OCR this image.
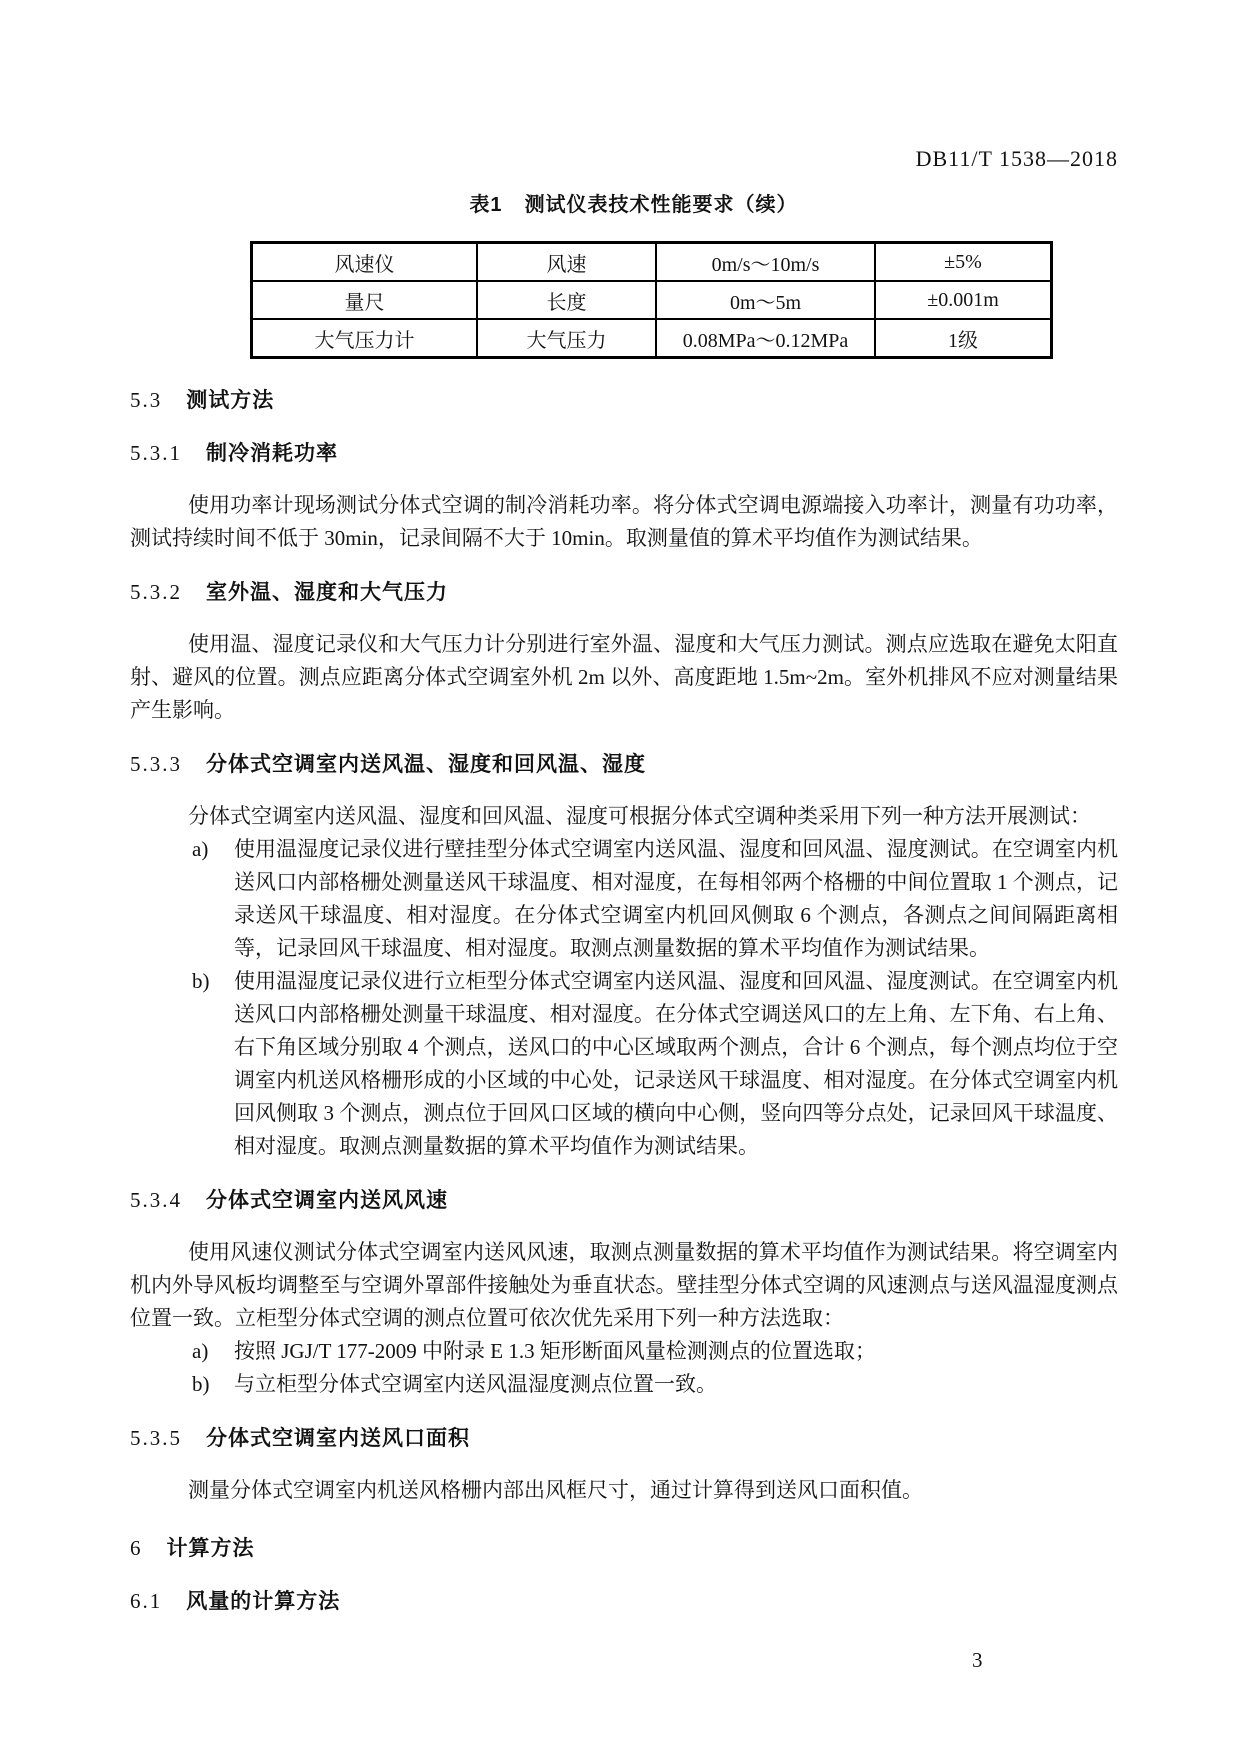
DB11/T 1538—2018
表1 测试仪表技术性能要求（续）
风速仪	风速	0m/s～10m/s	±5%
量尺	长度	0m～5m	±0.001m
大气压力计	大气压力	0.08MPa～0.12MPa	1级
5.3 测试方法
5.3.1 制冷消耗功率

使用功率计现场测试分体式空调的制冷消耗功率。将分体式空调电源端接入功率计，测量有功功率，测试持续时间不低于 30min，记录间隔不大于 10min。取测量值的算术平均值作为测试结果。

5.3.2 室外温、湿度和大气压力

使用温、湿度记录仪和大气压力计分别进行室外温、湿度和大气压力测试。测点应选取在避免太阳直射、避风的位置。测点应距离分体式空调室外机 2m 以外、高度距地 1.5m~2m。室外机排风不应对测量结果产生影响。

5.3.3 分体式空调室内送风温、湿度和回风温、湿度

分体式空调室内送风温、湿度和回风温、湿度可根据分体式空调种类采用下列一种方法开展测试：

a) 使用温湿度记录仪进行壁挂型分体式空调室内送风温、湿度和回风温、湿度测试。在空调室内机送风口内部格栅处测量送风干球温度、相对湿度，在每相邻两个格栅的中间位置取 1 个测点，记录送风干球温度、相对湿度。在分体式空调室内机回风侧取 6 个测点，各测点之间间隔距离相等，记录回风干球温度、相对湿度。取测点测量数据的算术平均值作为测试结果。
b) 使用温湿度记录仪进行立柜型分体式空调室内送风温、湿度和回风温、湿度测试。在空调室内机送风口内部格栅处测量干球温度、相对湿度。在分体式空调送风口的左上角、左下角、右上角、右下角区域分别取 4 个测点，送风口的中心区域取两个测点，合计 6 个测点，每个测点均位于空调室内机送风格栅形成的小区域的中心处，记录送风干球温度、相对湿度。在分体式空调室内机回风侧取 3 个测点，测点位于回风口区域的横向中心侧，竖向四等分点处，记录回风干球温度、相对湿度。取测点测量数据的算术平均值作为测试结果。
5.3.4 分体式空调室内送风风速

使用风速仪测试分体式空调室内送风风速，取测点测量数据的算术平均值作为测试结果。将空调室内机内外导风板均调整至与空调外罩部件接触处为垂直状态。壁挂型分体式空调的风速测点与送风温湿度测点位置一致。立柜型分体式空调的测点位置可依次优先采用下列一种方法选取：

a) 按照 JGJ/T 177-2009 中附录 E 1.3 矩形断面风量检测测点的位置选取；
b) 与立柜型分体式空调室内送风温湿度测点位置一致。
5.3.5 分体式空调室内送风口面积

测量分体式空调室内机送风格栅内部出风框尺寸，通过计算得到送风口面积值。

6 计算方法
6.1 风量的计算方法
3
